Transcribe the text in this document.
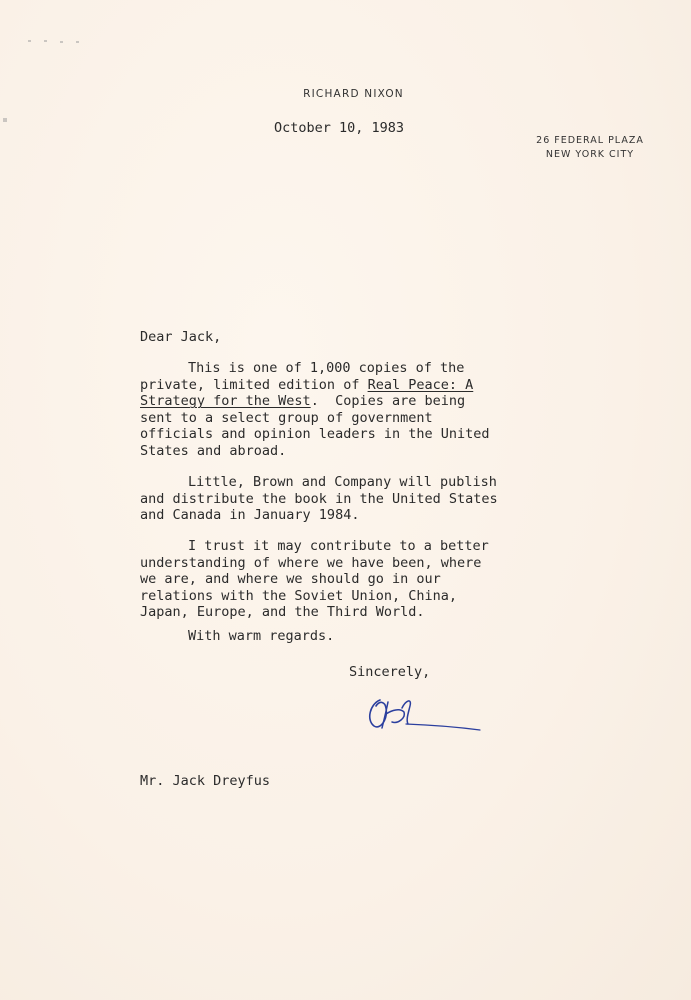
RICHARD NIXON
26 FEDERAL PLAZA
NEW YORK CITY
October 10, 1983
Dear Jack,
This is one of 1,000 copies of the
private, limited edition of Real Peace: A
Strategy for the West.  Copies are being
sent to a select group of government
officials and opinion leaders in the United
States and abroad.
Little, Brown and Company will publish
and distribute the book in the United States
and Canada in January 1984.
I trust it may contribute to a better
understanding of where we have been, where
we are, and where we should go in our
relations with the Soviet Union, China,
Japan, Europe, and the Third World.
With warm regards.
Sincerely,
Mr. Jack Dreyfus
